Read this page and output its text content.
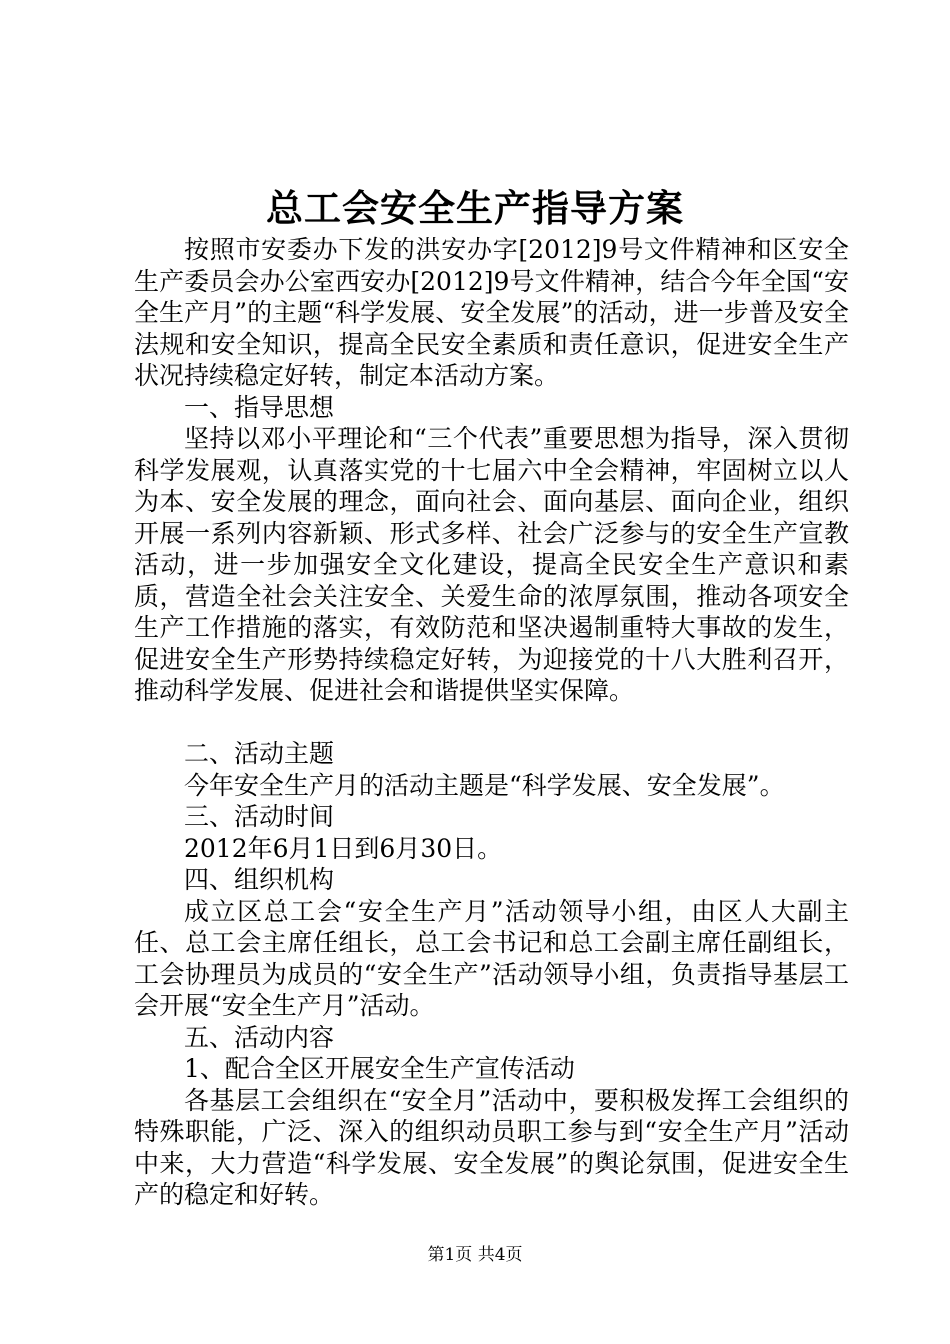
总工会安全生产指导方案

按照市安委办下发的洪安办字[2012]9号文件精神和区安全生产委员会办公室西安办[2012]9号文件精神，结合今年全国“安全生产月”的主题“科学发展、安全发展”的活动，进一步普及安全法规和安全知识，提高全民安全素质和责任意识，促进安全生产状况持续稳定好转，制定本活动方案。

一、指导思想

坚持以邓小平理论和“三个代表”重要思想为指导，深入贯彻科学发展观，认真落实党的十七届六中全会精神，牢固树立以人为本、安全发展的理念，面向社会、面向基层、面向企业，组织开展一系列内容新颖、形式多样、社会广泛参与的安全生产宣教活动，进一步加强安全文化建设，提高全民安全生产意识和素质，营造全社会关注安全、关爱生命的浓厚氛围，推动各项安全生产工作措施的落实，有效防范和坚决遏制重特大事故的发生，促进安全生产形势持续稳定好转，为迎接党的十八大胜利召开，推动科学发展、促进社会和谐提供坚实保障。

二、活动主题

今年安全生产月的活动主题是“科学发展、安全发展”。

三、活动时间

2012年6月1日到6月30日。

四、组织机构

成立区总工会“安全生产月”活动领导小组，由区人大副主任、总工会主席任组长，总工会书记和总工会副主席任副组长，工会协理员为成员的“安全生产”活动领导小组，负责指导基层工会开展“安全生产月”活动。

五、活动内容

1、配合全区开展安全生产宣传活动

各基层工会组织在“安全月”活动中，要积极发挥工会组织的特殊职能，广泛、深入的组织动员职工参与到“安全生产月”活动中来，大力营造“科学发展、安全发展”的舆论氛围，促进安全生产的稳定和好转。

第1页 共4页
